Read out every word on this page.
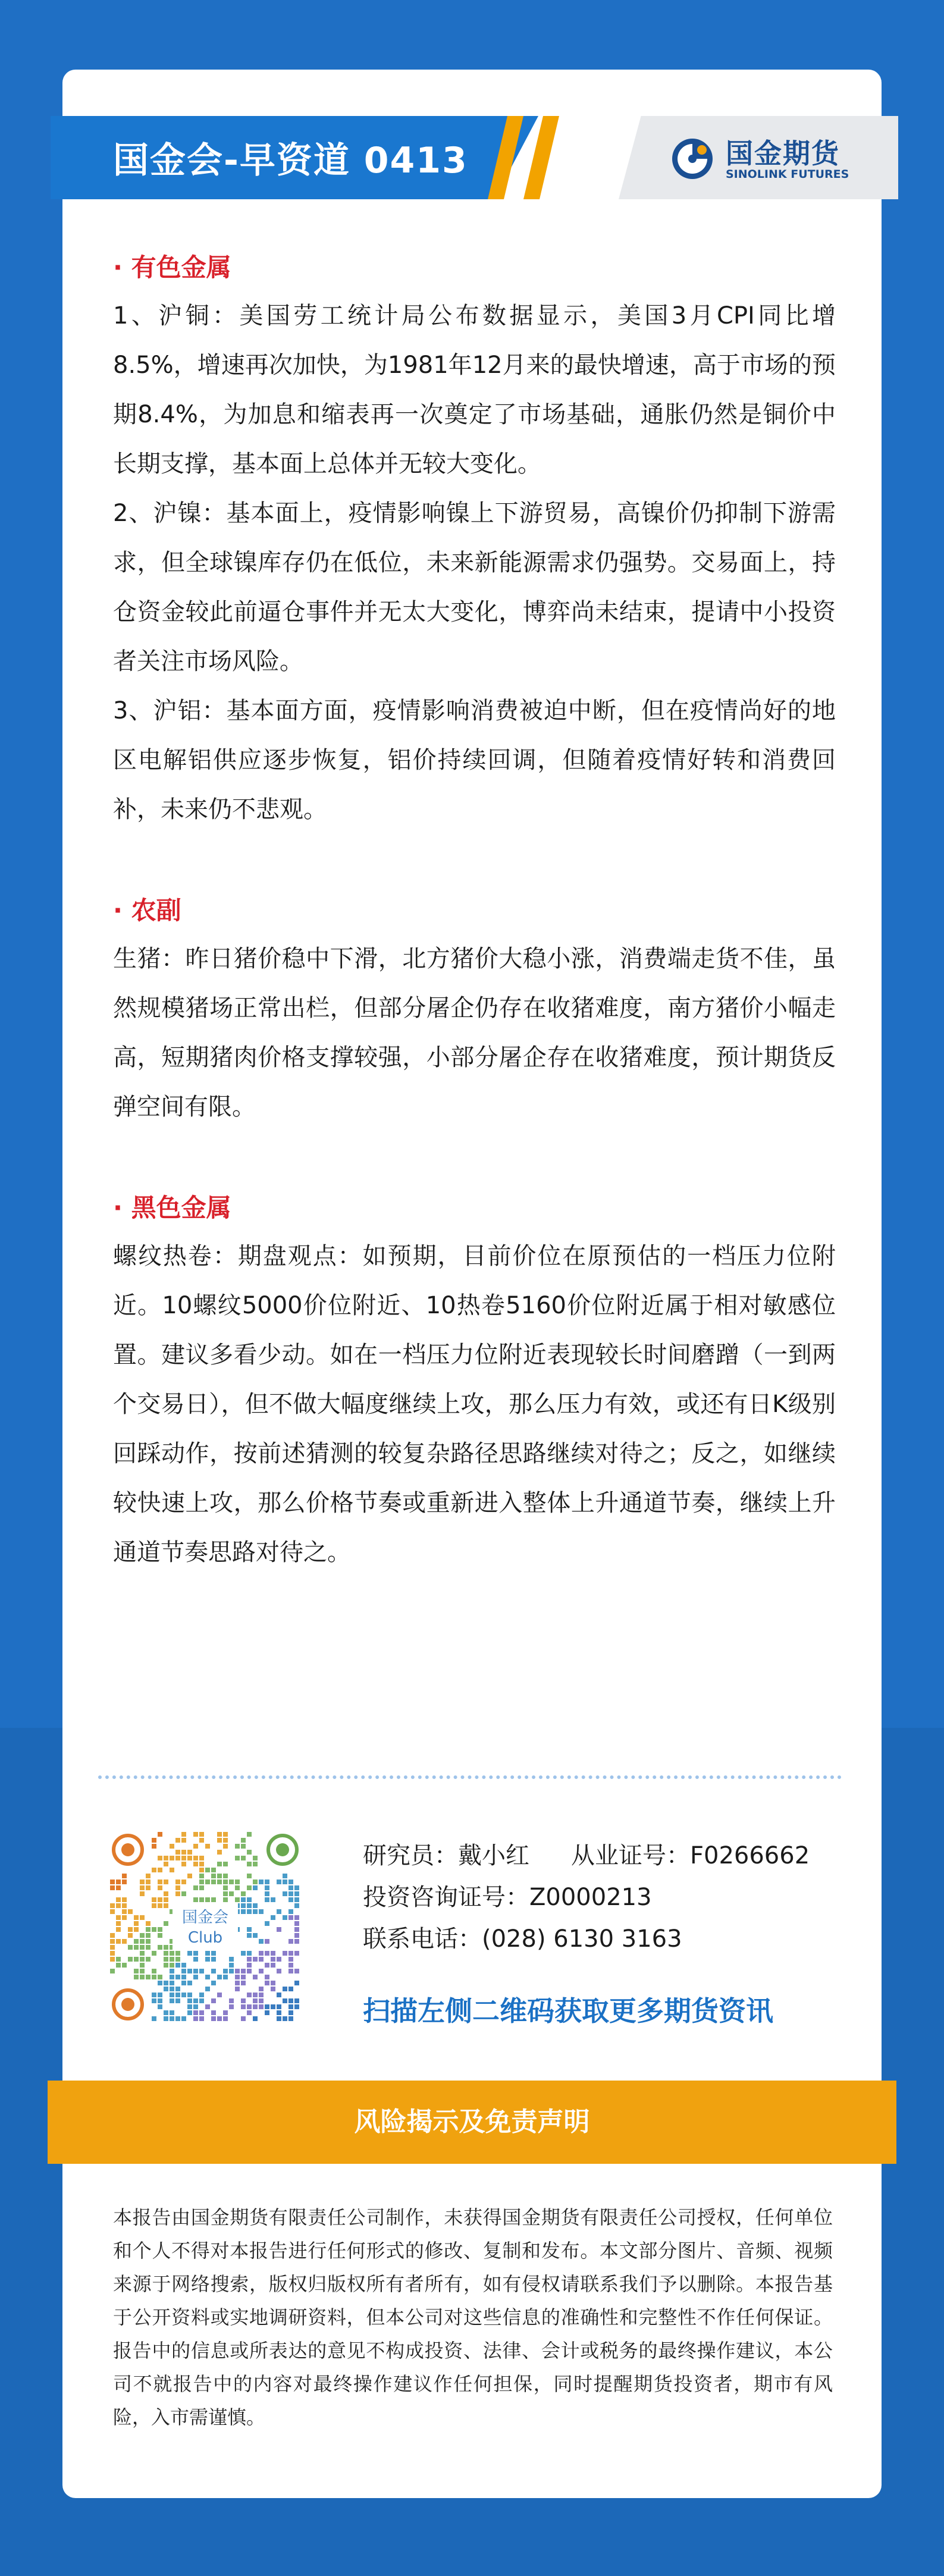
国金会-早资道 0413	国金期货
SINOLINK FUTURES
· 有色金属

1、沪铜：美国劳工统计局公布数据显示，美国3月CPI同比增8.5%，增速再次加快，为1981年12月来的最快增速，高于市场的预期8.4%，为加息和缩表再一次奠定了市场基础，通胀仍然是铜价中长期支撑，基本面上总体并无较大变化。

2、沪镍：基本面上，疫情影响镍上下游贸易，高镍价仍抑制下游需求，但全球镍库存仍在低位，未来新能源需求仍强势。交易面上，持仓资金较此前逼仓事件并无太大变化，博弈尚未结束，提请中小投资者关注市场风险。

3、沪铝：基本面方面，疫情影响消费被迫中断，但在疫情尚好的地区电解铝供应逐步恢复，铝价持续回调，但随着疫情好转和消费回补，未来仍不悲观。

· 农副

生猪：昨日猪价稳中下滑，北方猪价大稳小涨，消费端走货不佳，虽然规模猪场正常出栏，但部分屠企仍存在收猪难度，南方猪价小幅走高，短期猪肉价格支撑较强，小部分屠企存在收猪难度，预计期货反弹空间有限。

· 黑色金属

螺纹热卷：期盘观点：如预期，目前价位在原预估的一档压力位附近。10螺纹5000价位附近、10热卷5160价位附近属于相对敏感位置。建议多看少动。如在一档压力位附近表现较长时间磨蹭（一到两个交易日），但不做大幅度继续上攻，那么压力有效，或还有日K级别回踩动作，按前述猜测的较复杂路径思路继续对待之；反之，如继续较快速上攻，那么价格节奏或重新进入整体上升通道节奏，继续上升通道节奏思路对待之。

国金会
Club
研究员：戴小红 从业证号：F0266662
投资咨询证号：Z0000213
联系电话：(028) 6130 3163
扫描左侧二维码获取更多期货资讯
风险揭示及免责声明
本报告由国金期货有限责任公司制作，未获得国金期货有限责任公司授权，任何单位和个人不得对本报告进行任何形式的修改、复制和发布。本文部分图片、音频、视频来源于网络搜索，版权归版权所有者所有，如有侵权请联系我们予以删除。本报告基于公开资料或实地调研资料，但本公司对这些信息的准确性和完整性不作任何保证。报告中的信息或所表达的意见不构成投资、法律、会计或税务的最终操作建议，本公司不就报告中的内容对最终操作建议作任何担保，同时提醒期货投资者，期市有风险，入市需谨慎。
